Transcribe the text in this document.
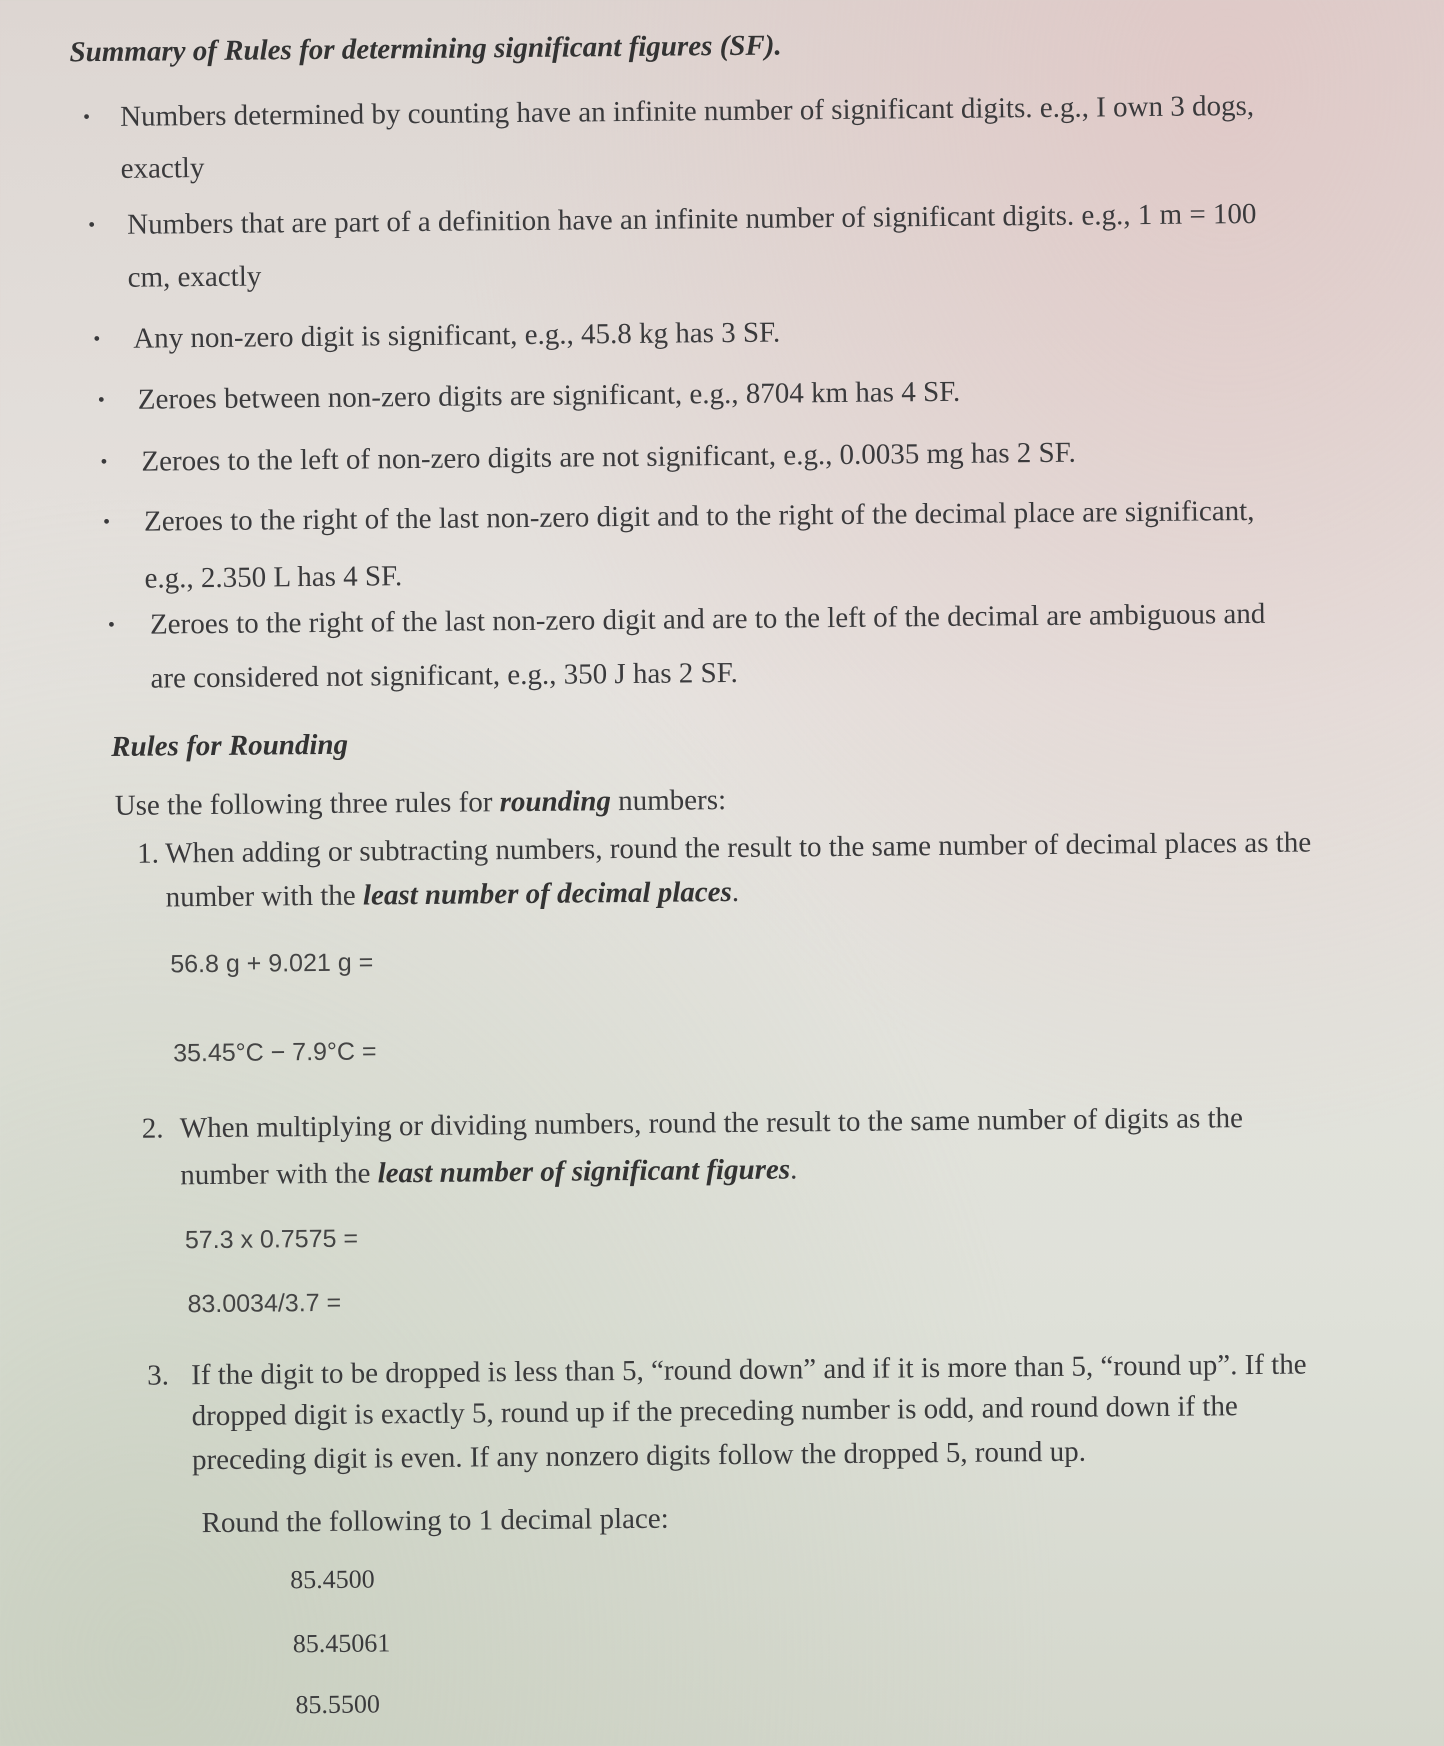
Summary of Rules for determining significant figures (SF).
• Numbers determined by counting have an infinite number of significant digits. e.g., I own 3 dogs,
exactly
• Numbers that are part of a definition have an infinite number of significant digits. e.g., 1 m = 100
cm, exactly
• Any non-zero digit is significant, e.g., 45.8 kg has 3 SF.
• Zeroes between non-zero digits are significant, e.g., 8704 km has 4 SF.
• Zeroes to the left of non-zero digits are not significant, e.g., 0.0035 mg has 2 SF.
• Zeroes to the right of the last non-zero digit and to the right of the decimal place are significant,
e.g., 2.350 L has 4 SF.
• Zeroes to the right of the last non-zero digit and are to the left of the decimal are ambiguous and
are considered not significant, e.g., 350 J has 2 SF.
Rules for Rounding
Use the following three rules for rounding numbers:
1. When adding or subtracting numbers, round the result to the same number of decimal places as the
number with the least number of decimal places.
56.8 g + 9.021 g =
35.45°C − 7.9°C =
2. When multiplying or dividing numbers, round the result to the same number of digits as the
number with the least number of significant figures.
57.3 x 0.7575 =
83.0034/3.7 =
3. If the digit to be dropped is less than 5, “round down” and if it is more than 5, “round up”. If the
dropped digit is exactly 5, round up if the preceding number is odd, and round down if the
preceding digit is even. If any nonzero digits follow the dropped 5, round up.
Round the following to 1 decimal place:
85.4500
85.45061
85.5500
